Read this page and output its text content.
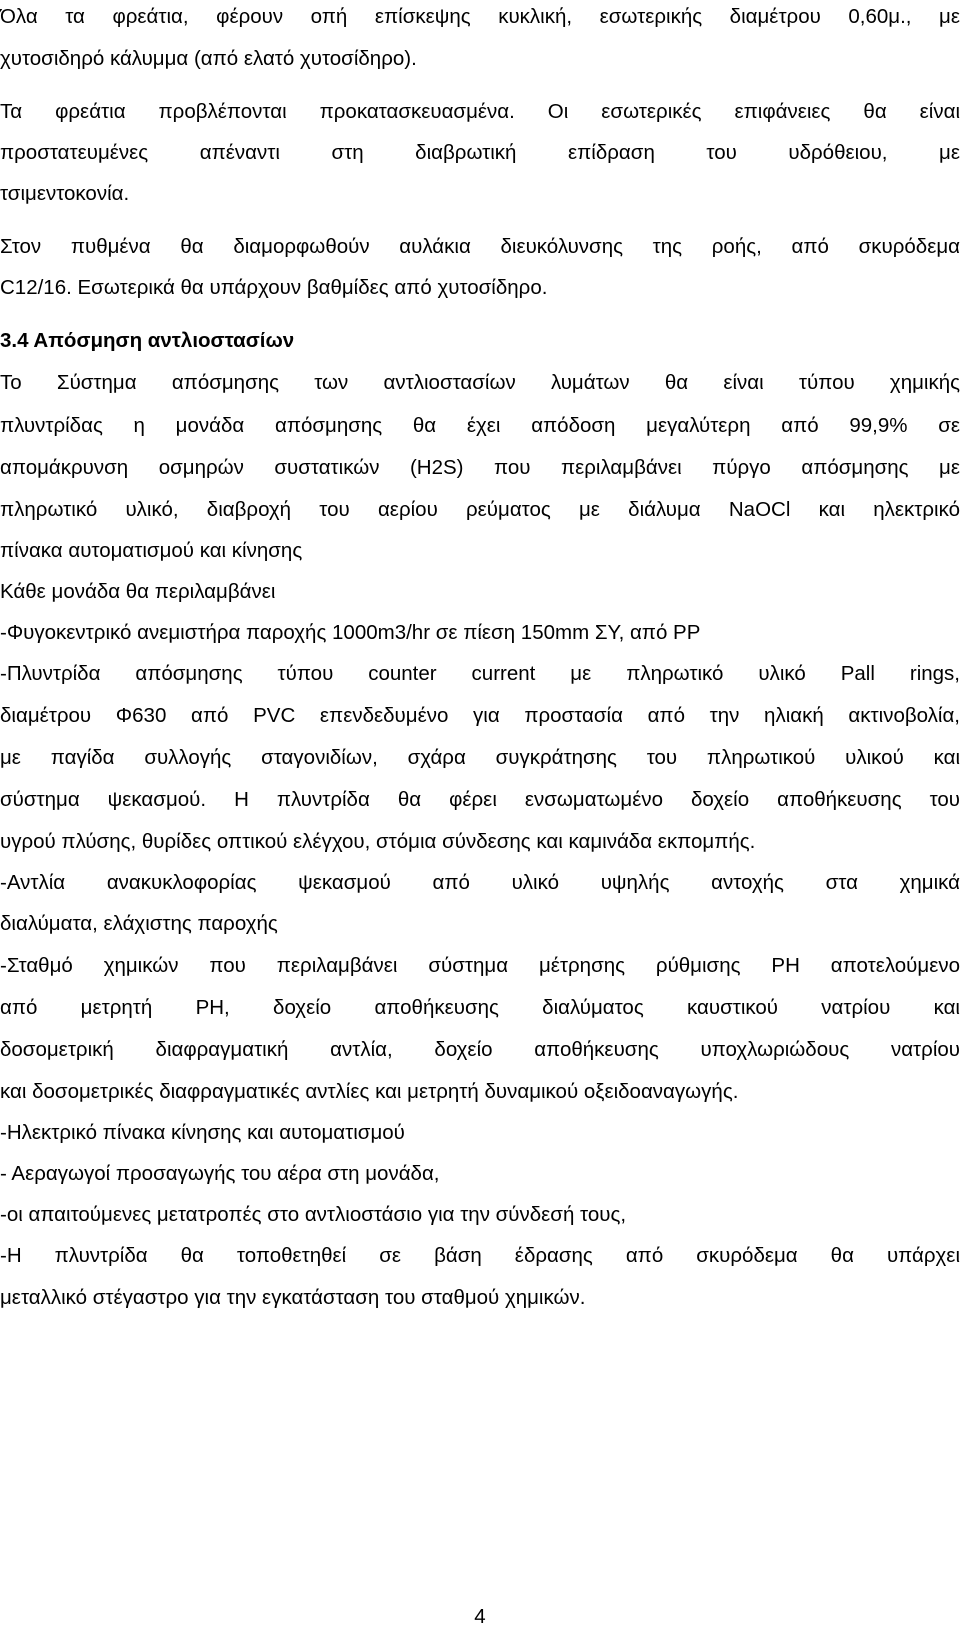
Όλα τα φρεάτια, φέρουν οπή επίσκεψης κυκλική, εσωτερικής διαμέτρου 0,60μ., με
χυτοσιδηρό κάλυμμα (από ελατό χυτοσίδηρο).
Τα φρεάτια προβλέπονται προκατασκευασμένα. Οι εσωτερικές επιφάνειες θα είναι
προστατευμένες απέναντι στη διαβρωτική επίδραση του υδρόθειου, με
τσιμεντοκονία.
Στον πυθμένα θα διαμορφωθούν αυλάκια διευκόλυνσης της ροής, από σκυρόδεμα
C12/16. Εσωτερικά θα υπάρχουν βαθμίδες από χυτοσίδηρο.
3.4 Απόσμηση αντλιοστασίων
Το Σύστημα απόσμησης των αντλιοστασίων λυμάτων θα είναι τύπου χημικής
πλυντρίδας η μονάδα απόσμησης θα έχει απόδοση μεγαλύτερη από 99,9% σε
απομάκρυνση οσμηρών συστατικών (H2S) που περιλαμβάνει πύργο απόσμησης με
πληρωτικό υλικό, διαβροχή του αερίου ρεύματος με διάλυμα NaOCl και ηλεκτρικό
πίνακα αυτοματισμού και κίνησης
Κάθε μονάδα θα περιλαμβάνει
-Φυγοκεντρικό ανεμιστήρα παροχής 1000m3/hr σε πίεση 150mm ΣΥ, από PP
-Πλυντρίδα απόσμησης τύπου counter current με πληρωτικό υλικό Pall rings,
διαμέτρου Φ630 από PVC επενδεδυμένο για προστασία από την ηλιακή ακτινοβολία,
με παγίδα συλλογής σταγονιδίων, σχάρα συγκράτησης του πληρωτικού υλικού και
σύστημα ψεκασμού. Η πλυντρίδα θα φέρει ενσωματωμένο δοχείο αποθήκευσης του
υγρού πλύσης, θυρίδες οπτικού ελέγχου, στόμια σύνδεσης και καμινάδα εκπομπής.
-Αντλία ανακυκλοφορίας ψεκασμού από υλικό υψηλής αντοχής στα χημικά
διαλύματα, ελάχιστης παροχής
-Σταθμό χημικών που περιλαμβάνει σύστημα μέτρησης ρύθμισης PH αποτελούμενο
από μετρητή PH, δοχείο αποθήκευσης διαλύματος καυστικού νατρίου και
δοσομετρική διαφραγματική αντλία, δοχείο αποθήκευσης υποχλωριώδους νατρίου
και δοσομετρικές διαφραγματικές αντλίες και μετρητή δυναμικού οξειδοαναγωγής.
-Ηλεκτρικό πίνακα κίνησης και αυτοματισμού
- Αεραγωγοί προσαγωγής του αέρα στη μονάδα,
-οι απαιτούμενες μετατροπές στο αντλιοστάσιο για την σύνδεσή τους,
-Η πλυντρίδα θα τοποθετηθεί σε βάση έδρασης από σκυρόδεμα θα υπάρχει
μεταλλικό στέγαστρο για την εγκατάσταση του σταθμού χημικών.
4
